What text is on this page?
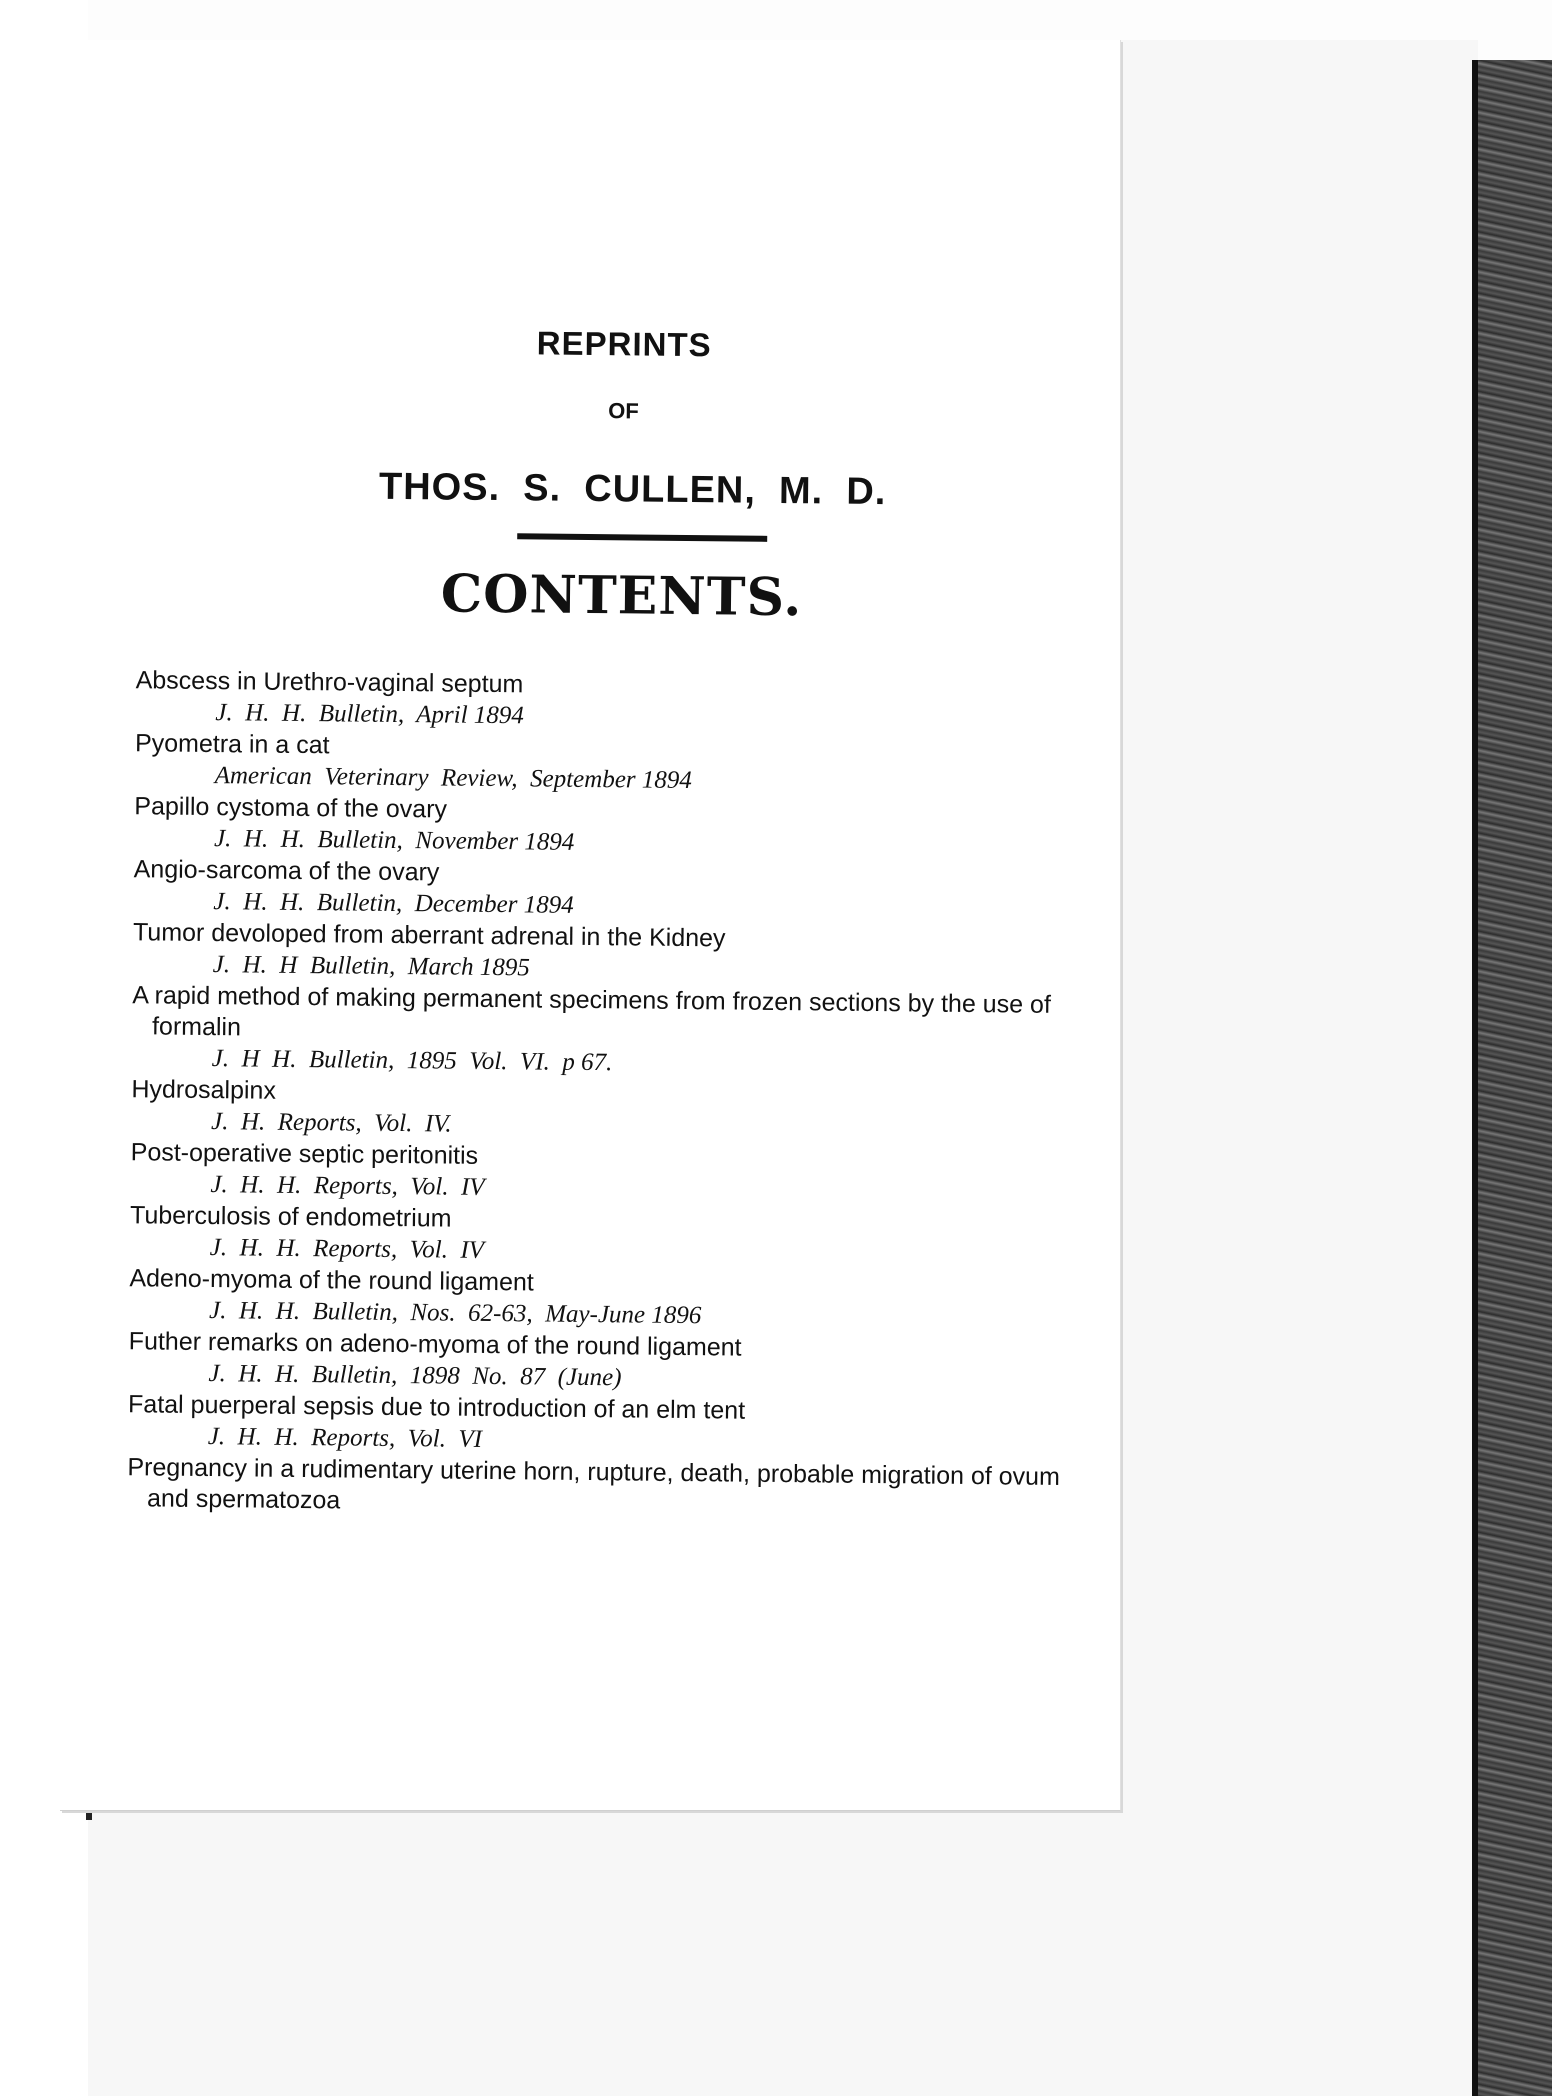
REPRINTS
OF
THOS.  S.  CULLEN,  M.  D.
CONTENTS.
Abscess in Urethro-vaginal septum
J.  H.  H.  Bulletin,  April 1894
Pyometra in a cat
American  Veterinary  Review,  September 1894
Papillo cystoma of the ovary
J.  H.  H.  Bulletin,  November 1894
Angio-sarcoma of the ovary
J.  H.  H.  Bulletin,  December 1894
Tumor devoloped from aberrant adrenal in the Kidney
J.  H.  H  Bulletin,  March 1895
A rapid method of making permanent specimens from frozen sections by the use of formalin
J.  H  H.  Bulletin,  1895  Vol.  VI.  p 67.
Hydrosalpinx
J.  H.  Reports,  Vol.  IV.
Post-operative septic peritonitis
J.  H.  H.  Reports,  Vol.  IV
Tuberculosis of endometrium
J.  H.  H.  Reports,  Vol.  IV
Adeno-myoma of the round ligament
J.  H.  H.  Bulletin,  Nos.  62-63,  May-June 1896
Futher remarks on adeno-myoma of the round ligament
J.  H.  H.  Bulletin,  1898  No.  87  (June)
Fatal puerperal sepsis due to introduction of an elm tent
J.  H.  H.  Reports,  Vol.  VI
Pregnancy in a rudimentary uterine horn, rupture, death, probable migration of ovum and spermatozoa
